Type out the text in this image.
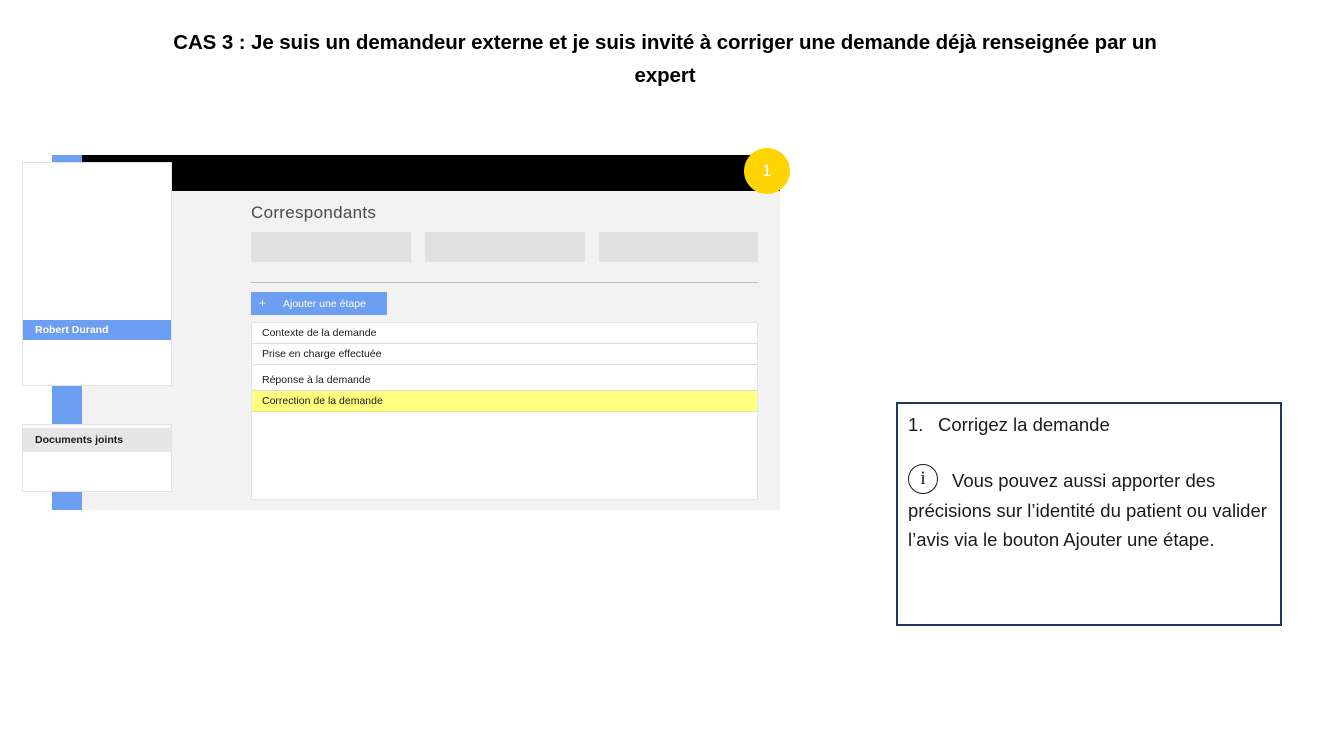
CAS 3 : Je suis un demandeur externe et je suis invité à corriger une demande déjà renseignée par un expert
Robert Durand
Documents joints
Correspondants
+ Ajouter une étape
Contexte de la demande
Prise en charge effectuée
Réponse à la demande
Correction de la demande
1
1. Corrigez la demande
i	Vous pouvez aussi apporter des précisions sur l’identité du patient ou valider l’avis via le bouton Ajouter une étape.
